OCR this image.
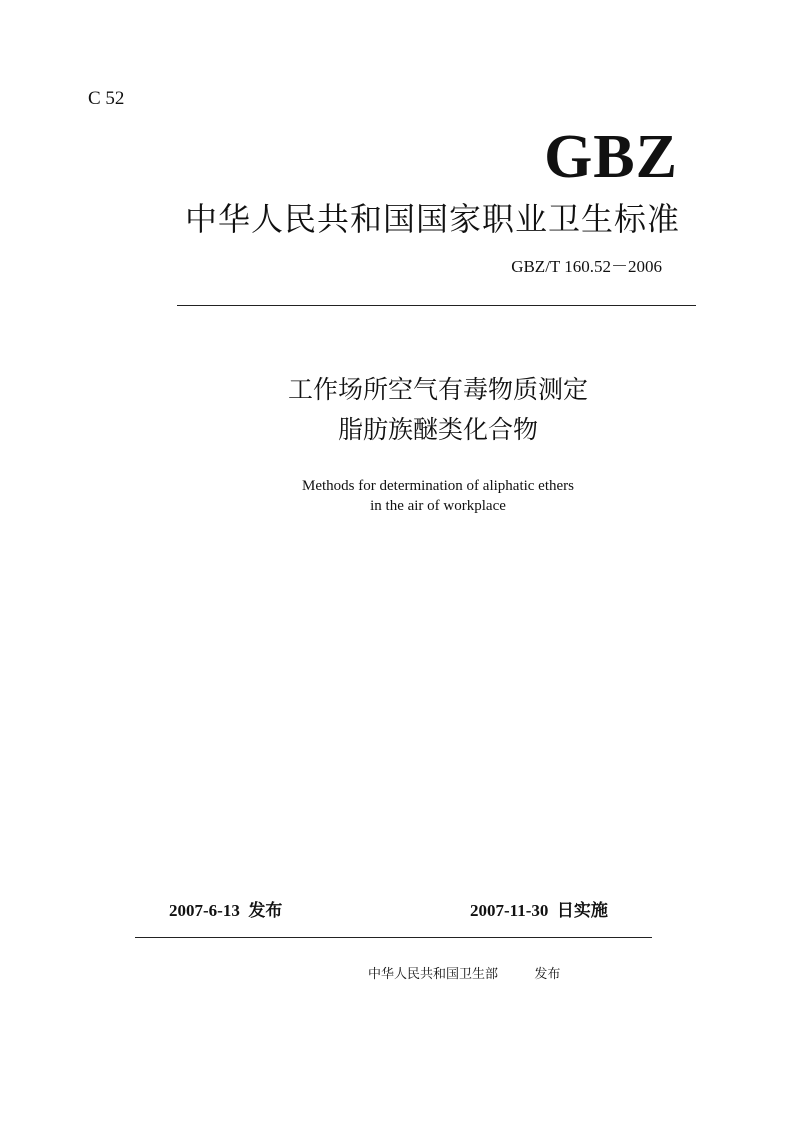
C 52
GBZ
中华人民共和国国家职业卫生标准
GBZ/T 160.52－2006
工作场所空气有毒物质测定
脂肪族醚类化合物
Methods for determination of aliphatic ethers
in the air of workplace
2007-6-13  发布	2007-11-30  日实施
中华人民共和国卫生部   发布
